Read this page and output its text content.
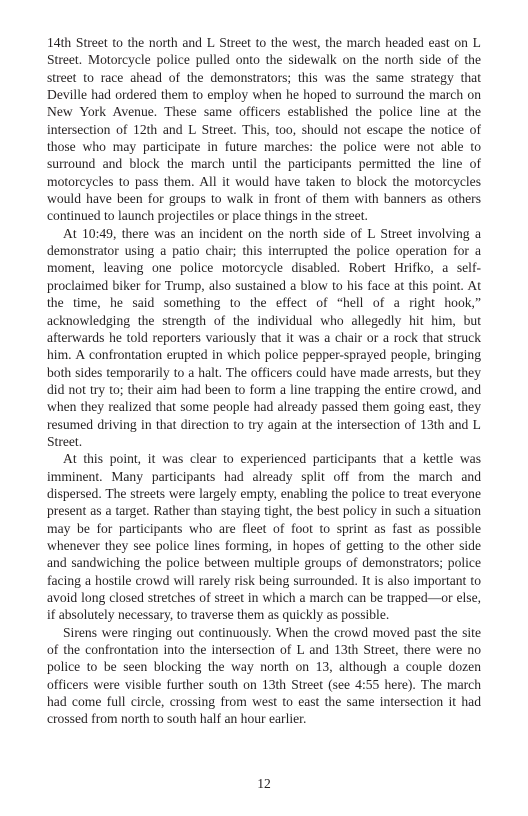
14th Street to the north and L Street to the west, the march headed east on L Street. Motorcycle police pulled onto the sidewalk on the north side of the street to race ahead of the demonstrators; this was the same strategy that Deville had ordered them to employ when he hoped to surround the march on New York Avenue. These same officers established the police line at the intersection of 12th and L Street. This, too, should not escape the notice of those who may participate in future marches: the police were not able to surround and block the march until the participants permitted the line of motorcycles to pass them. All it would have taken to block the motorcycles would have been for groups to walk in front of them with banners as others continued to launch projectiles or place things in the street.

At 10:49, there was an incident on the north side of L Street involving a demonstrator using a patio chair; this interrupted the police operation for a moment, leaving one police motorcycle disabled. Robert Hrifko, a self-proclaimed biker for Trump, also sustained a blow to his face at this point. At the time, he said something to the effect of “hell of a right hook,” acknowledging the strength of the individual who allegedly hit him, but afterwards he told reporters variously that it was a chair or a rock that struck him. A confrontation erupted in which police pepper-sprayed people, bringing both sides temporarily to a halt. The officers could have made arrests, but they did not try to; their aim had been to form a line trapping the entire crowd, and when they realized that some people had already passed them going east, they resumed driving in that direction to try again at the intersection of 13th and L Street.

At this point, it was clear to experienced participants that a kettle was imminent. Many participants had already split off from the march and dispersed. The streets were largely empty, enabling the police to treat everyone present as a target. Rather than staying tight, the best policy in such a situation may be for participants who are fleet of foot to sprint as fast as possible whenever they see police lines forming, in hopes of getting to the other side and sandwiching the police between multiple groups of demonstrators; police facing a hostile crowd will rarely risk being surrounded. It is also important to avoid long closed stretches of street in which a march can be trapped—or else, if absolutely necessary, to traverse them as quickly as possible.

Sirens were ringing out continuously. When the crowd moved past the site of the confrontation into the intersection of L and 13th Street, there were no police to be seen blocking the way north on 13, although a couple dozen officers were visible further south on 13th Street (see 4:55 here). The march had come full circle, crossing from west to east the same intersection it had crossed from north to south half an hour earlier.

12
